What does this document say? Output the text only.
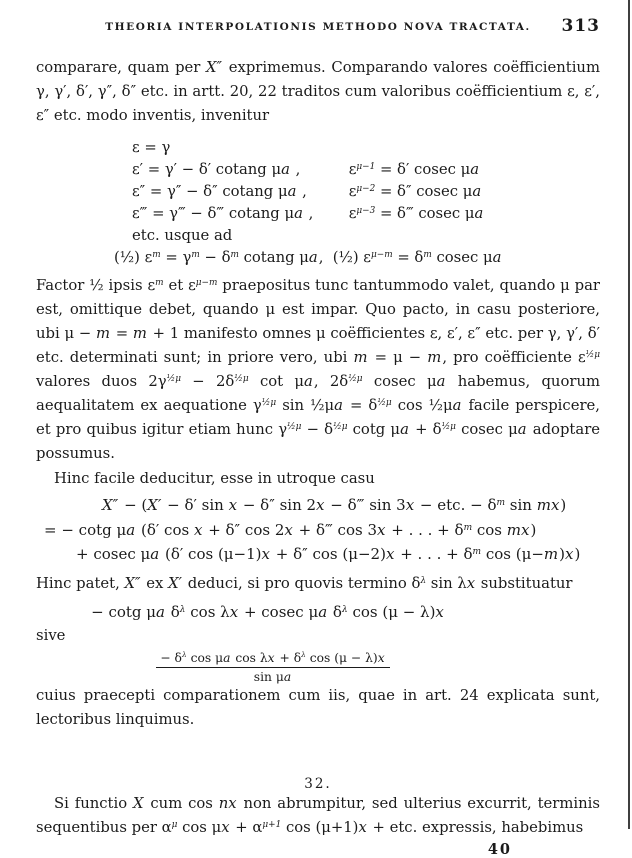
THEORIA INTERPOLATIONIS METHODO NOVA TRACTATA.	313

comparare, quam per X″ exprimemus. Comparando valores coëfficientium γ, γ′, δ′, γ″, δ″ etc. in artt. 20, 22 traditos cum valoribus coëfficientium ε, ε′, ε″ etc. modo inventis, invenitur

ε = γ
ε′ = γ′ − δ′ cotang μa ,	$\varepsilon^{\mu-1} = \delta'$ cosec μa
ε″ = γ″ − δ″ cotang μa ,	$\varepsilon^{\mu-2} = \delta''$ cosec μa
ε‴ = γ‴ − δ‴ cotang μa , $\varepsilon^{\mu-3}$ = δ‴ cosec μa
etc. usque ad
(½) $\varepsilon^m = \gamma^m - \delta^m$ cotang μa, (½) $\varepsilon^{\mu-m} = \delta^m$ cosec μa

Factor ½ ipsis $\varepsilon^m$ et $\varepsilon^{\mu-m}$ praepositus tunc tantummodo valet, quando μ par est, omittique debet, quando μ est impar. Quo pacto, in casu posteriore, ubi μ − m = m + 1 manifesto omnes μ coëfficientes ε, ε′, ε″ etc. per γ, γ′, δ′ etc. determinati sunt; in priore vero, ubi m = μ − m, pro coëfficiente $\varepsilon^{\frac{1}{2}\mu}$ valores duos $2\gamma^{\frac{1}{2}\mu} - 2\delta^{\frac{1}{2}\mu}$ cot μa, $2\delta^{\frac{1}{2}\mu}$ cosec μa habemus, quorum aequalitatem ex aequatione $\gamma^{\frac{1}{2}\mu}$ sin ½μa = $\delta^{\frac{1}{2}\mu}$ cos ½μa facile perspicere, et pro quibus igitur etiam hunc $\gamma^{\frac{1}{2}\mu} - \delta^{\frac{1}{2}\mu}$ cotg $\mu a + \delta^{\frac{1}{2}\mu}$ cosec μa adoptare possumus.

Hinc facile deducitur, esse in utroque casu

X″ − (X′ − δ′ sin x − δ″ sin 2x − δ‴ sin 3x − etc. − $\delta^m$ sin mx)
= − cotg μa (δ′ cos x + δ″ cos 2x + δ‴ cos 3x + . . . + $\delta^m$ cos mx)
+ cosec μa (δ′ cos (μ−1)x + δ″ cos (μ−2)x + . . . + $\delta^m$ cos (μ−m)x)

Hinc patet, X″ ex X′ deduci, si pro quovis termino $\delta^\lambda$ sin λx substituatur

− cotg μa $\delta^\lambda$ cos λx + cosec μa $\delta^\lambda$ cos (μ − λ)x

sive

$\frac{- \delta^\lambda \cos \mu a \cos \lambda x + \delta^\lambda \cos (\mu - \lambda)x}{\text{sin μa}}$

cuius praecepti comparationem cum iis, quae in art. 24 explicata sunt, lectoribus linquimus.

32.

Si functio X cum cos nx non abrumpitur, sed ulterius excurrit, terminis sequentibus per $\alpha^\mu$ $\cos \mu x + \alpha^{\mu+1}$ cos (μ+1)x + etc. expressis, habebimus

40
